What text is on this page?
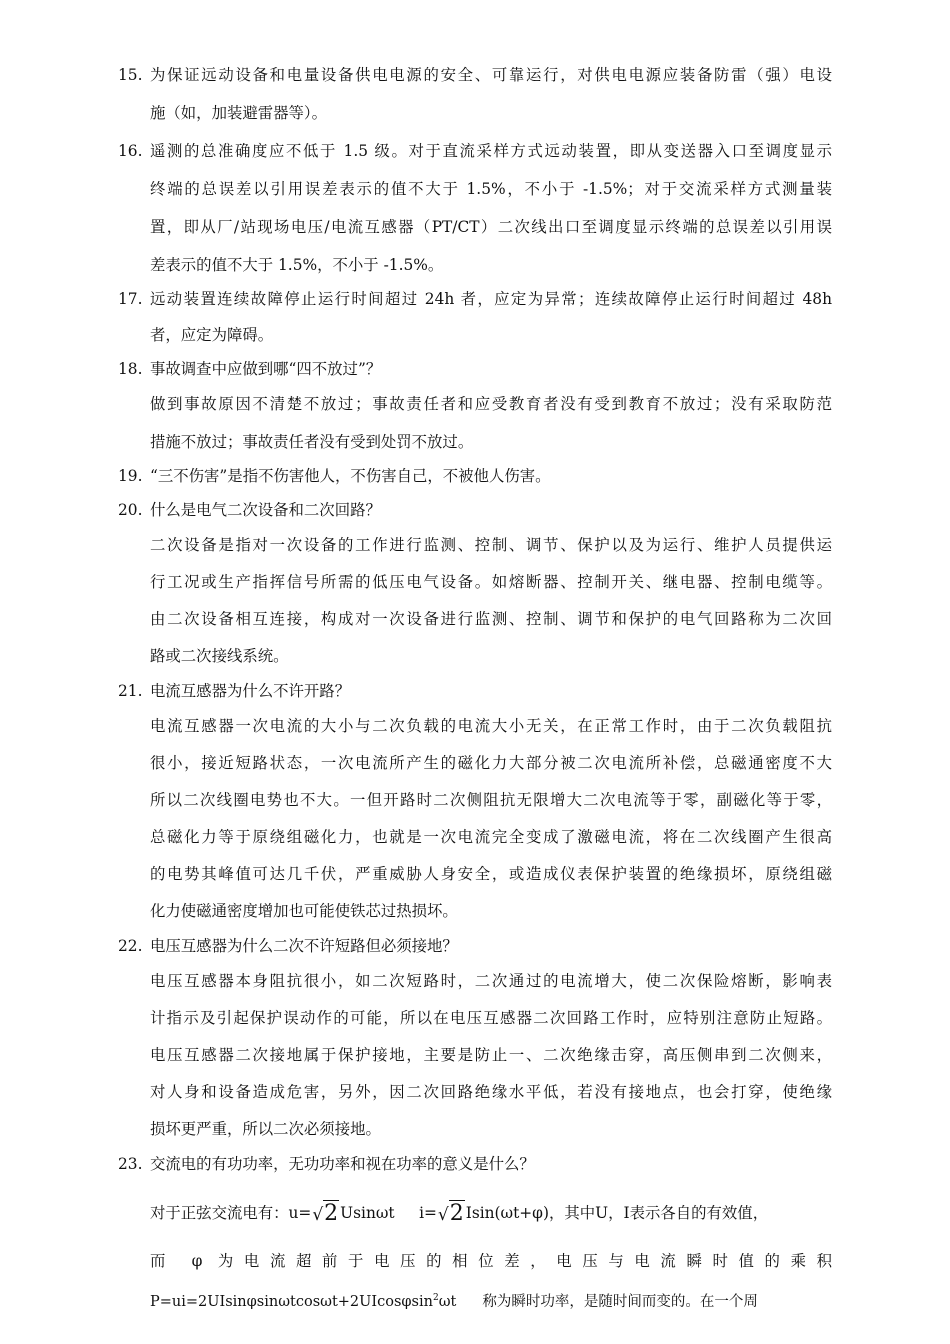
15. 为保证远动设备和电量设备供电电源的安全、可靠运行，对供电电源应装备防雷（强）电设
施（如，加装避雷器等）。
16. 遥测的总准确度应不低于 1.5 级。对于直流采样方式远动装置，即从变送器入口至调度显示
终端的总误差以引用误差表示的值不大于 1.5%，不小于 -1.5%；对于交流采样方式测量装
置，即从厂/站现场电压/电流互感器（PT/CT）二次线出口至调度显示终端的总误差以引用误
差表示的值不大于 1.5%，不小于 -1.5%。
17. 远动装置连续故障停止运行时间超过 24h 者，应定为异常；连续故障停止运行时间超过 48h
者，应定为障碍。
18. 事故调查中应做到哪“四不放过”？
做到事故原因不清楚不放过；事故责任者和应受教育者没有受到教育不放过；没有采取防范
措施不放过；事故责任者没有受到处罚不放过。
19. “三不伤害”是指不伤害他人，不伤害自己，不被他人伤害。
20. 什么是电气二次设备和二次回路？
二次设备是指对一次设备的工作进行监测、控制、调节、保护以及为运行、维护人员提供运
行工况或生产指挥信号所需的低压电气设备。如熔断器、控制开关、继电器、控制电缆等。
由二次设备相互连接，构成对一次设备进行监测、控制、调节和保护的电气回路称为二次回
路或二次接线系统。
21. 电流互感器为什么不许开路？
电流互感器一次电流的大小与二次负载的电流大小无关，在正常工作时，由于二次负载阻抗
很小，接近短路状态，一次电流所产生的磁化力大部分被二次电流所补偿，总磁通密度不大
所以二次线圈电势也不大。一但开路时二次侧阻抗无限增大二次电流等于零，副磁化等于零，
总磁化力等于原绕组磁化力，也就是一次电流完全变成了激磁电流，将在二次线圈产生很高
的电势其峰值可达几千伏，严重威胁人身安全，或造成仪表保护装置的绝缘损坏，原绕组磁
化力使磁通密度增加也可能使铁芯过热损坏。
22. 电压互感器为什么二次不许短路但必须接地？
电压互感器本身阻抗很小，如二次短路时，二次通过的电流增大，使二次保险熔断，影响表
计指示及引起保护误动作的可能，所以在电压互感器二次回路工作时，应特别注意防止短路。
电压互感器二次接地属于保护接地，主要是防止一、二次绝缘击穿，高压侧串到二次侧来，
对人身和设备造成危害，另外，因二次回路绝缘水平低，若没有接地点，也会打穿，使绝缘
损坏更严重，所以二次必须接地。
23. 交流电的有功功率，无功功率和视在功率的意义是什么？
对于正弦交流电有：u=√2 Usinωt     i=√2 Isin(ωt+φ)，其中U，I表示各自的有效值，
而 φ 为电流超前于电压的相位差，电压与电流瞬时值的乘积
P=ui=2UIsinφsinωtcosωt+2UIcosφsin$^2$ωt 称为瞬时功率，是随时间而变的。在一个周
